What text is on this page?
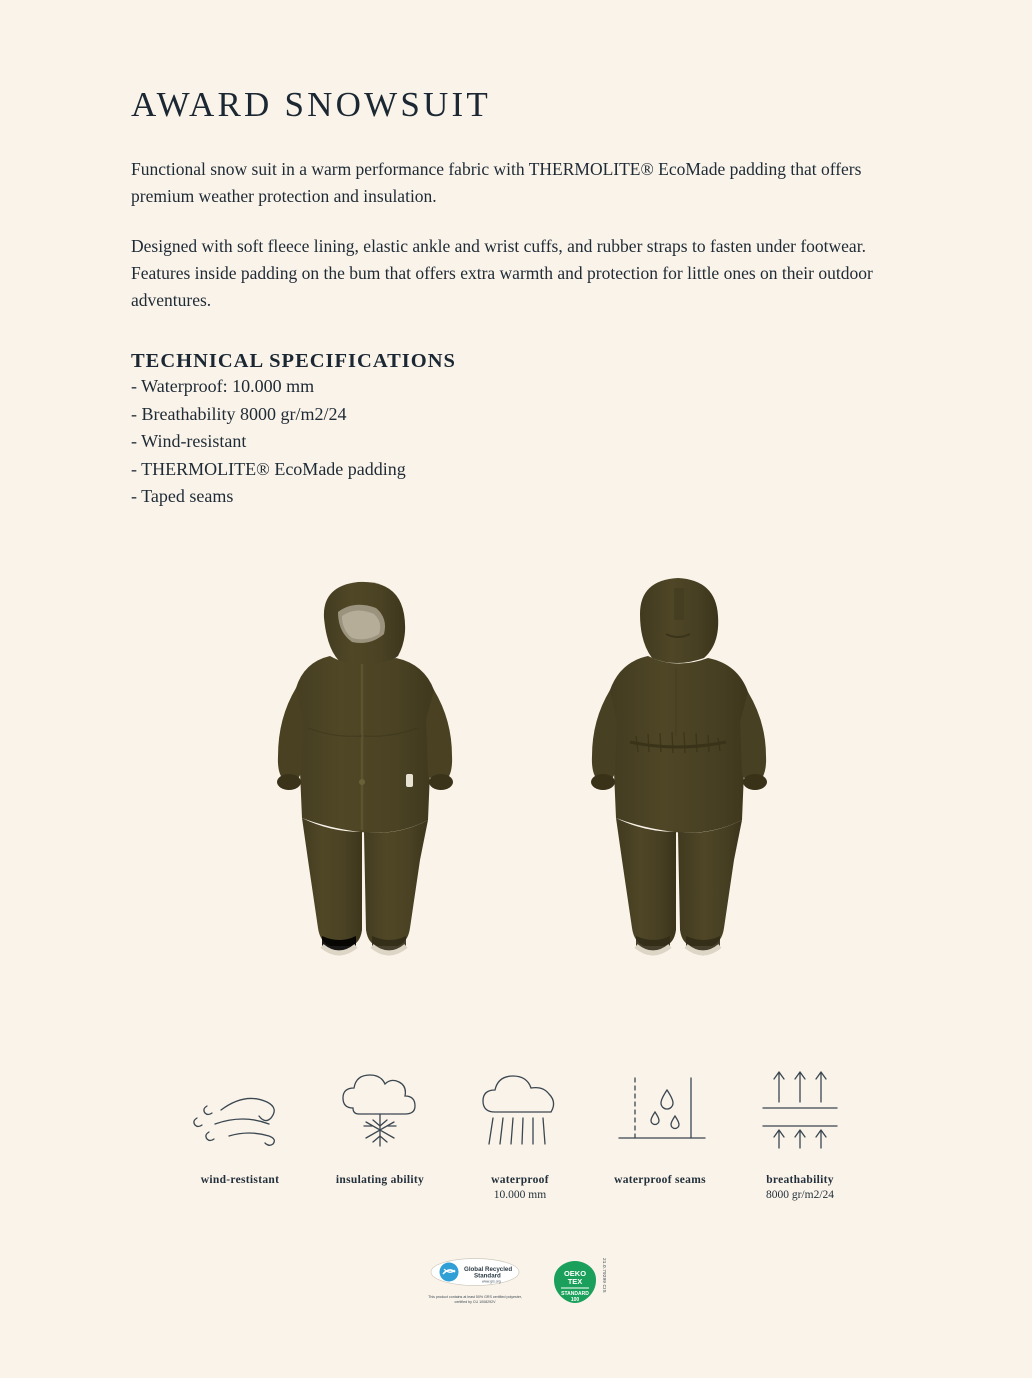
AWARD SNOWSUIT

Functional snow suit in a warm performance fabric with THERMOLITE® EcoMade padding that offers premium weather protection and insulation.

Designed with soft fleece lining, elastic ankle and wrist cuffs, and rubber straps to fasten under footwear. Features inside padding on the bum that offers extra warmth and protection for little ones on their outdoor adventures.

TECHNICAL SPECIFICATIONS
- Waterproof: 10.000 mm
- Breathability 8000 gr/m2/24
- Wind-resistant
- THERMOLITE® EcoMade padding
- Taped seams
wind-restistant	insulating ability	waterproof
10.000 mm
waterproof seams	breathability
8000 gr/m2/24
Global Recycled
Standard
www.grs.org
This product contains at least 50% GRS certified polyester, certified by CU 1008292V
OEKO
TEX
STANDARD
100
21.0.79299 CIS
